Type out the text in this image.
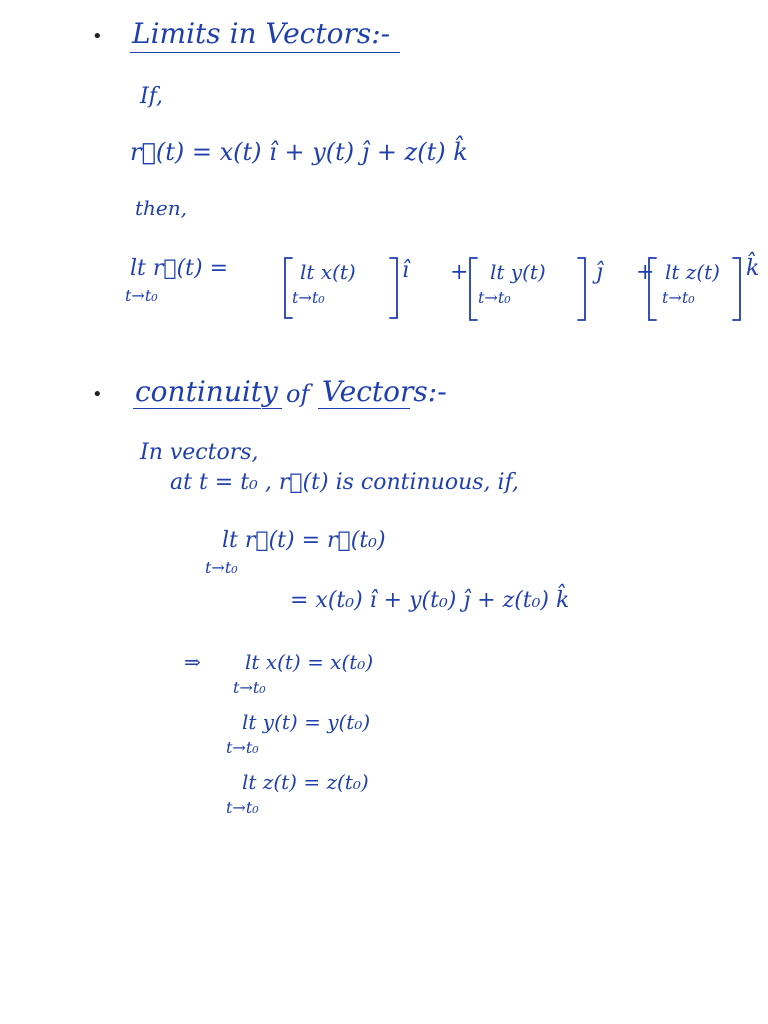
• Limits in Vectors:-
If,
r⃗(t) = x(t) î + y(t) ĵ + z(t) k̂
then,
lt r⃗(t) =
t→t₀
lt x(t)
t→t₀
î + lt y(t)
t→t₀
ĵ + lt z(t)
t→t₀
k̂
• continuity of Vectors:-
In vectors,
at t = t₀ , r⃗(t) is continuous, if,
lt r⃗(t) = r⃗(t₀)
t→t₀
= x(t₀) î + y(t₀) ĵ + z(t₀) k̂
⇒ lt x(t) = x(t₀)
t→t₀
lt y(t) = y(t₀)
t→t₀
lt z(t) = z(t₀)
t→t₀
